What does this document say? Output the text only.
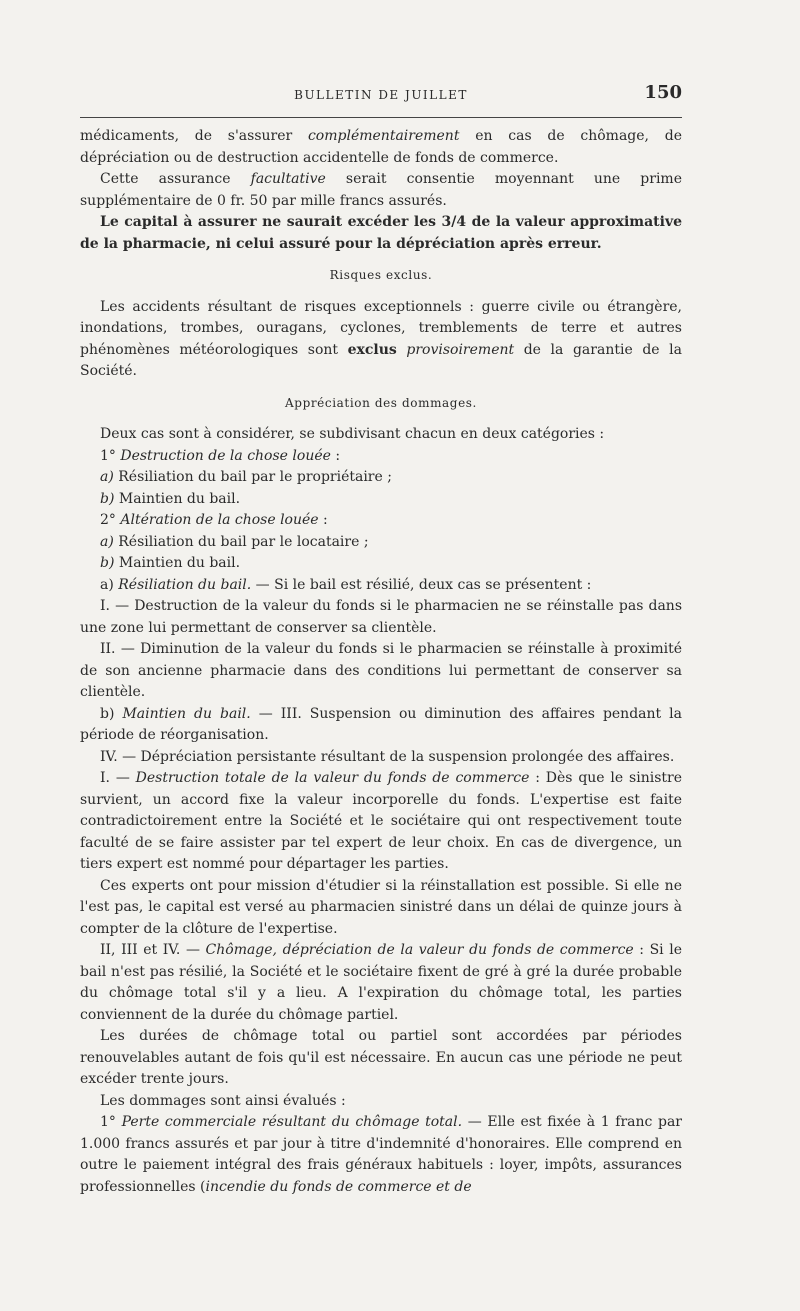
BULLETIN DE JUILLET	150

médicaments, de s'assurer complémentairement en cas de chômage, de dépréciation ou de destruction accidentelle de fonds de commerce.

Cette assurance facultative serait consentie moyennant une prime supplémentaire de 0 fr. 50 par mille francs assurés.

Le capital à assurer ne saurait excéder les 3/4 de la valeur approximative de la pharmacie, ni celui assuré pour la dépréciation après erreur.

Risques exclus.

Les accidents résultant de risques exceptionnels : guerre civile ou étrangère, inondations, trombes, ouragans, cyclones, tremblements de terre et autres phénomènes météorologiques sont exclus provisoirement de la garantie de la Société.

Appréciation des dommages.

Deux cas sont à considérer, se subdivisant chacun en deux catégories :

1° Destruction de la chose louée :

a) Résiliation du bail par le propriétaire ;

b) Maintien du bail.

2° Altération de la chose louée :

a) Résiliation du bail par le locataire ;

b) Maintien du bail.

a) Résiliation du bail. — Si le bail est résilié, deux cas se présentent :

I. — Destruction de la valeur du fonds si le pharmacien ne se réinstalle pas dans une zone lui permettant de conserver sa clientèle.

II. — Diminution de la valeur du fonds si le pharmacien se réinstalle à proximité de son ancienne pharmacie dans des conditions lui permettant de conserver sa clientèle.

b) Maintien du bail. — III. Suspension ou diminution des affaires pendant la période de réorganisation.

IV. — Dépréciation persistante résultant de la suspension prolongée des affaires.

I. — Destruction totale de la valeur du fonds de commerce : Dès que le sinistre survient, un accord fixe la valeur incorporelle du fonds. L'expertise est faite contradictoirement entre la Société et le sociétaire qui ont respectivement toute faculté de se faire assister par tel expert de leur choix. En cas de divergence, un tiers expert est nommé pour départager les parties.

Ces experts ont pour mission d'étudier si la réinstallation est possible. Si elle ne l'est pas, le capital est versé au pharmacien sinistré dans un délai de quinze jours à compter de la clôture de l'expertise.

II, III et IV. — Chômage, dépréciation de la valeur du fonds de commerce : Si le bail n'est pas résilié, la Société et le sociétaire fixent de gré à gré la durée probable du chômage total s'il y a lieu. A l'expiration du chômage total, les parties conviennent de la durée du chômage partiel.

Les durées de chômage total ou partiel sont accordées par périodes renouvelables autant de fois qu'il est nécessaire. En aucun cas une période ne peut excéder trente jours.

Les dommages sont ainsi évalués :

1° Perte commerciale résultant du chômage total. — Elle est fixée à 1 franc par 1.000 francs assurés et par jour à titre d'indemnité d'honoraires. Elle comprend en outre le paiement intégral des frais généraux habituels : loyer, impôts, assurances professionnelles (incendie du fonds de commerce et de
